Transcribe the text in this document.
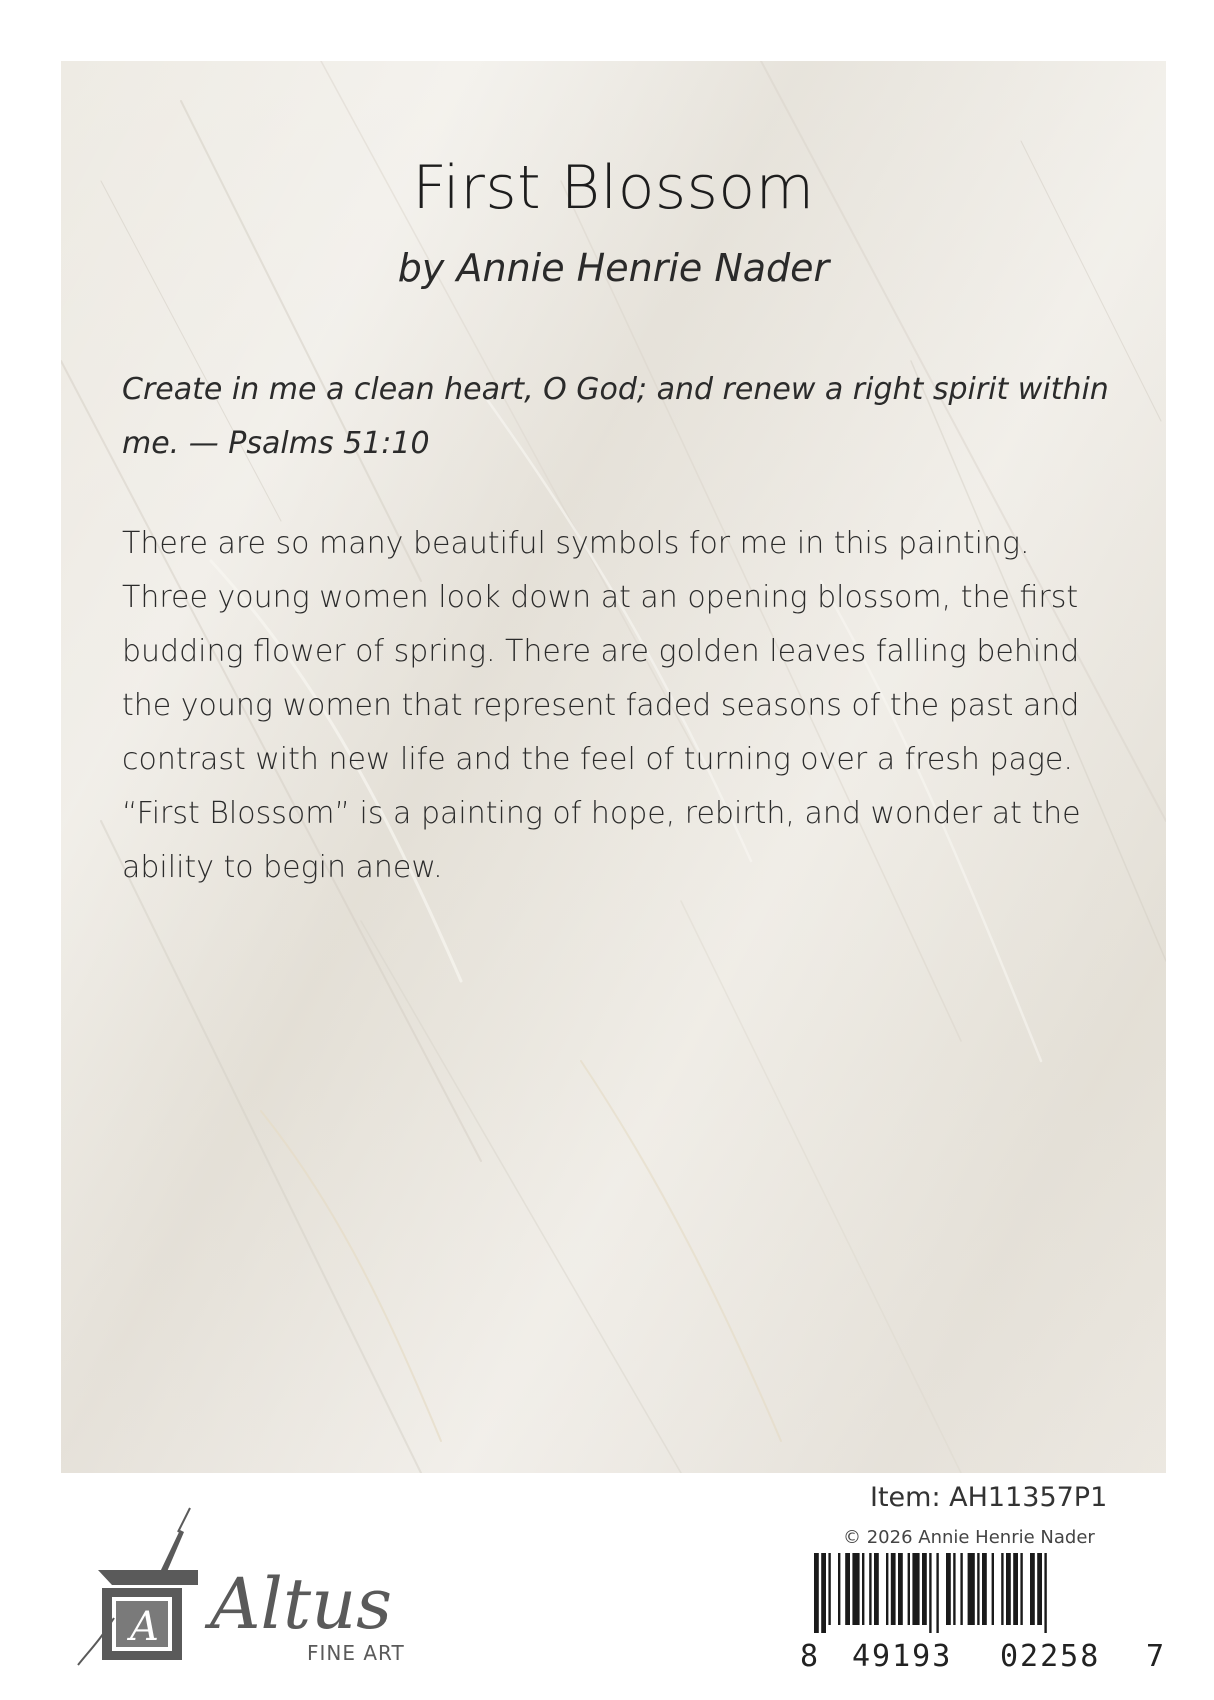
First Blossom
by Annie Henrie Nader
Create in me a clean heart, O God; and renew a right spirit within me. — Psalms 51:10
There are so many beautiful symbols for me in this painting. Three young women look down at an opening blossom, the first budding flower of spring. There are golden leaves falling behind the young women that represent faded seasons of the past and contrast with new life and the feel of turning over a fresh page. “First Blossom” is a painting of hope, rebirth, and wonder at the ability to begin anew.
A Altus
FINE ART
Item: AH11357P1
© 2026 Annie Henrie Nader
8 49193 02258 7
